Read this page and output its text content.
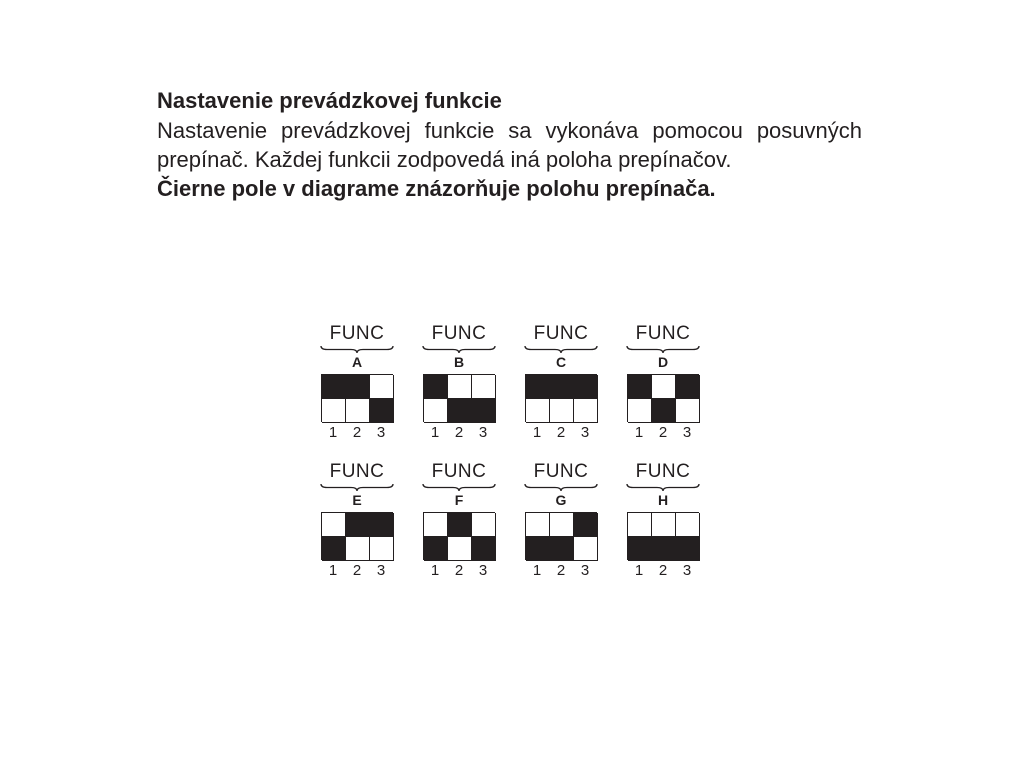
Nastavenie prevádzkovej funkcie

Nastavenie prevádzkovej funkcie sa vykonáva pomocou posuvných prepínač. Každej funkcii zodpovedá iná poloha prepínačov.

Čierne pole v diagrame znázorňuje polohu prepínača.

FUNC
A
1	2	3
FUNC
B
1	2	3
FUNC
C
1	2	3
FUNC
D
1	2	3
FUNC
E
1	2	3
FUNC
F
1	2	3
FUNC
G
1	2	3
FUNC
H
1	2	3
